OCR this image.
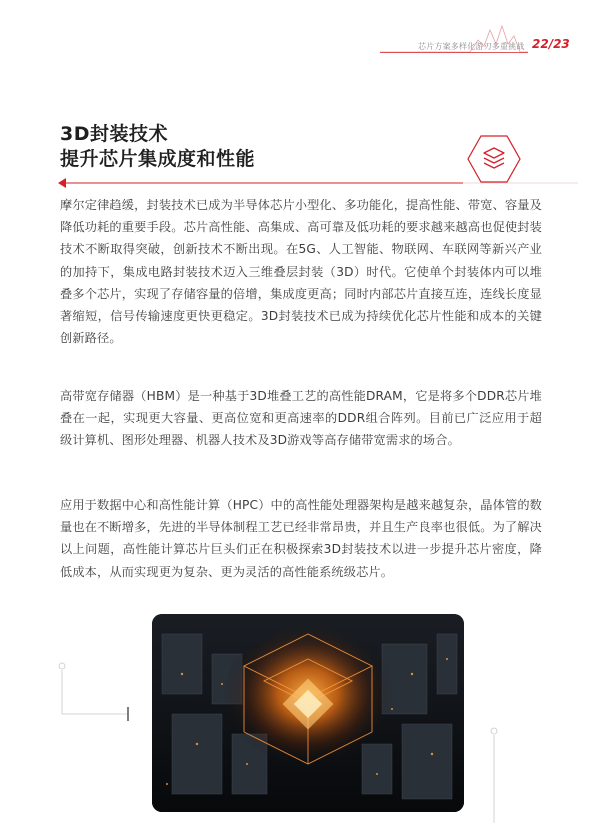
芯片方案多样化游刃多重挑战 22/23
3D封装技术
提升芯片集成度和性能
摩尔定律趋缓，封装技术已成为半导体芯片小型化、多功能化，提高性能、带宽、容量及降低功耗的重要手段。芯片高性能、高集成、高可靠及低功耗的要求越来越高也促使封装技术不断取得突破，创新技术不断出现。在5G、人工智能、物联网、车联网等新兴产业的加持下，集成电路封装技术迈入三维叠层封装（3D）时代。它使单个封装体内可以堆叠多个芯片，实现了存储容量的倍增，集成度更高；同时内部芯片直接互连，连线长度显著缩短，信号传输速度更快更稳定。3D封装技术已成为持续优化芯片性能和成本的关键创新路径。
高带宽存储器（HBM）是一种基于3D堆叠工艺的高性能DRAM，它是将多个DDR芯片堆叠在一起，实现更大容量、更高位宽和更高速率的DDR组合阵列。目前已广泛应用于超级计算机、图形处理器、机器人技术及3D游戏等高存储带宽需求的场合。
应用于数据中心和高性能计算（HPC）中的高性能处理器架构是越来越复杂，晶体管的数量也在不断增多，先进的半导体制程工艺已经非常昂贵，并且生产良率也很低。为了解决以上问题，高性能计算芯片巨头们正在积极探索3D封装技术以进一步提升芯片密度，降低成本，从而实现更为复杂、更为灵活的高性能系统级芯片。
